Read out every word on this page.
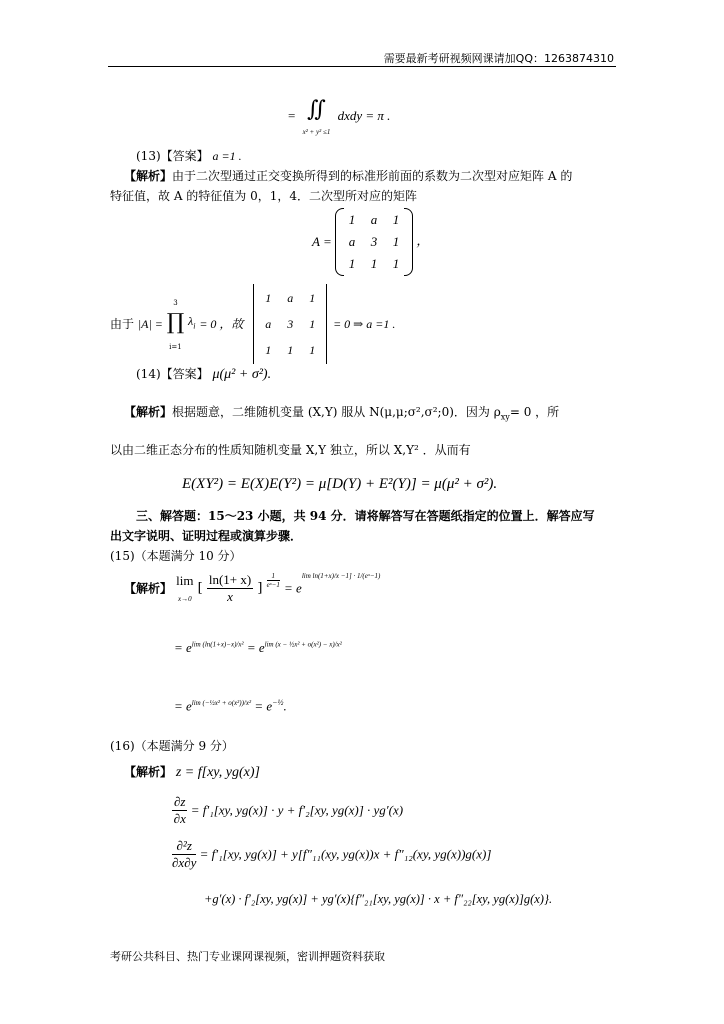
需要最新考研视频网课请加QQ：1263874310
考研公共科目、热门专业课网课视频，密训押题资料获取
= ∬
x² + y² ≤1 dxdy = π .
(13)【答案】 a =1 .
【解析】由于二次型通过正交变换所得到的标准形前面的系数为二次型对应矩阵 A 的
特征值，故 A 的特征值为 0，1，4．二次型所对应的矩阵
A =
1	a	1
a	3	1
1	1	1
，
由于 |A| = 3
∏
i=1 $\lambda_i = 0$ ，故
1	a	1
a	3	1
1	1	1
= 0 ⇒ a =1 .
(14)【答案】 μ(μ² + σ²).
【解析】根据题意，二维随机变量 (X,Y) 服从 N(μ,μ;σ²,σ²;0)．因为 $\rho_{xy}= 0$ ，所
以由二维正态分布的性质知随机变量 X,Y 独立，所以 X,Y² ．从而有
E(XY²) = E(X)E(Y²) = μ[D(Y) + E²(Y)] = μ(μ² + σ²).
三、解答题：15～23 小题，共 94 分．请将解答写在答题纸指定的位置上．解答应写
出文字说明、证明过程或演算步骤．
(15)（本题满分 10 分）
【解析】 lim
x→0 [ $\frac{\ln(1+ x)}{x}$ ] $\frac{1}{\text{eˣ−1}} = e^{lim ln(1+x)/x -1] \cdot 1/(eˣ-1)}$
= $e^{lim (ln(1+x)-x)/x^2} = e^{lim (x - \frac{1}{2}x^2 + o(x^2) - x)/x^2}$
= $e^{lim (-\frac{1}{2}x^2 + o(x^2))/x^2} = e^{-\frac{1}{2}}$.
(16)（本题满分 9 分）
【解析】 z = f[xy, yg(x)]
$\frac{\partial z}{\partial x} = f'_1[xy$, yg(x)] · y + f′₂[xy, yg(x)] · yg′(x)
$\frac{\text{∂²z}}{\partial x\partial y} = f'_1[xy$, yg(x)] + y[f″₁₁(xy, yg(x))x + f″₁₂(xy, yg(x))g(x)]
+g′(x) · f′₂[xy, yg(x)] + yg′(x){f″₂₁[xy, yg(x)] · x + f″₂₂[xy, yg(x)]g(x)}.
